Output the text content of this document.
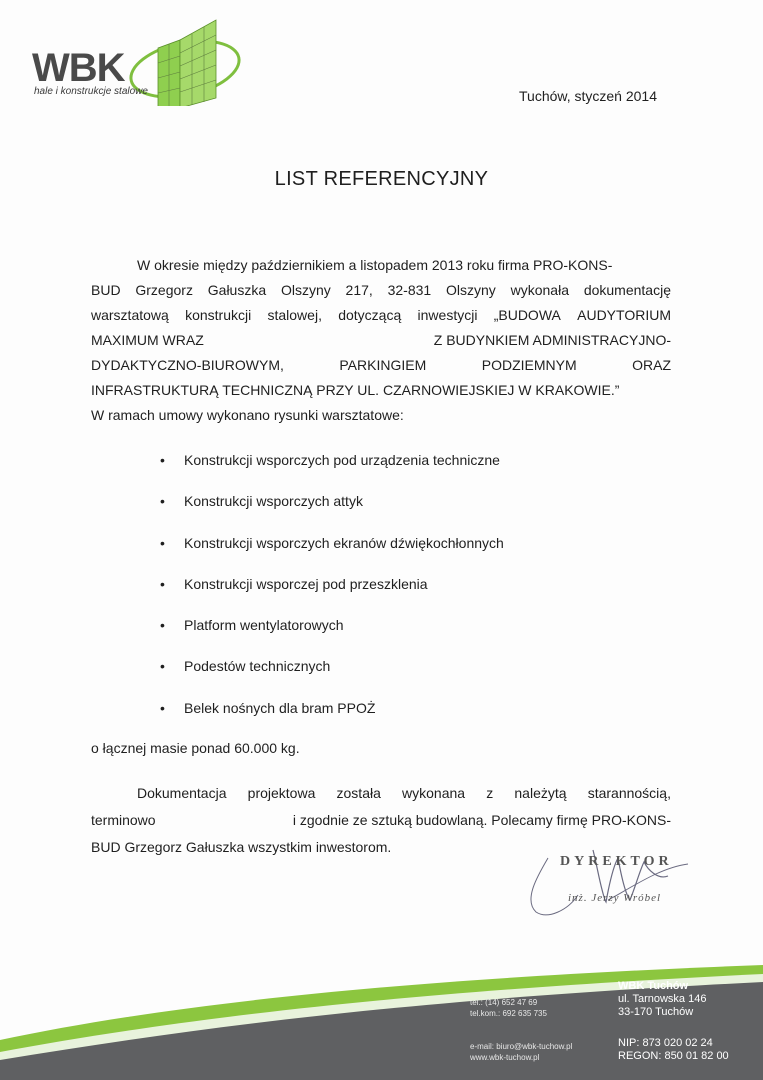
WBK
hale i konstrukcje stalowe	Tuchów, styczeń 2014
LIST REFERENCYJNY
W okresie między październikiem a listopadem 2013 roku firma PRO-KONS-
BUD Grzegorz Gałuszka Olszyny 217, 32-831 Olszyny wykonała dokumentację
warsztatową konstrukcji stalowej, dotyczącą inwestycji „BUDOWA AUDYTORIUM
MAXIMUM WRAZ	Z BUDYNKIEM ADMINISTRACYJNO-
DYDAKTYCZNO-BIUROWYM,	PARKINGIEM	PODZIEMNYM	ORAZ
INFRASTRUKTURĄ TECHNICZNĄ PRZY UL. CZARNOWIEJSKIEJ W KRAKOWIE.”
W ramach umowy wykonano rysunki warsztatowe:
•	Konstrukcji wsporczych pod urządzenia techniczne
•	Konstrukcji wsporczych attyk
•	Konstrukcji wsporczych ekranów dźwiękochłonnych
•	Konstrukcji wsporczej pod przeszklenia
•	Platform wentylatorowych
•	Podestów technicznych
•	Belek nośnych dla bram PPOŻ
o łącznej masie ponad 60.000 kg.
Dokumentacja projektowa została wykonana z należytą starannością,
terminowo	i zgodnie ze sztuką budowlaną. Polecamy firmę PRO-KONS-
BUD Grzegorz Gałuszka wszystkim inwestorom.
DYREKTOR
inż. Jerzy Wróbel
tel.: (14) 652 47 69
tel.kom.: 692 635 735
e-mail: biuro@wbk-tuchow.pl
www.wbk-tuchow.pl
WBK Tuchów
ul. Tarnowska 146
33-170 Tuchów
NIP: 873 020 02 24
REGON: 850 01 82 00
